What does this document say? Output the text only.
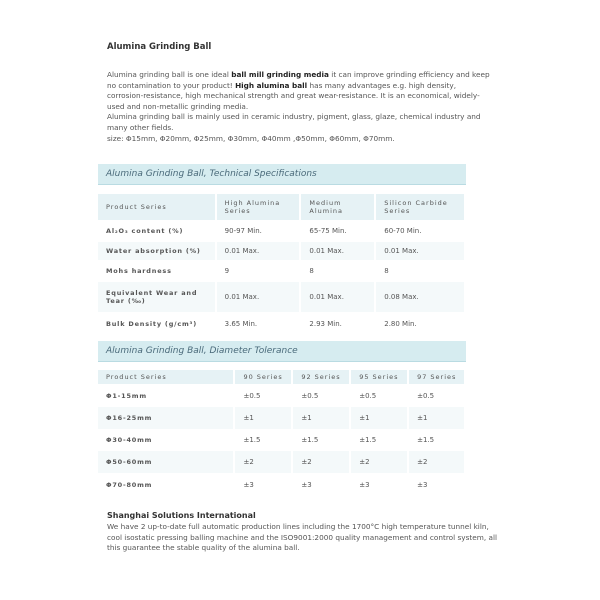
Alumina Grinding Ball

Alumina grinding ball is one ideal ball mill grinding media it can improve grinding efficiency and keep no contamination to your product! High alumina ball has many advantages e.g. high density, corrosion-resistance, high mechanical strength and great wear-resistance. It is an economical, widely-used and non-metallic grinding media.

Alumina grinding ball is mainly used in ceramic industry, pigment, glass, glaze, chemical industry and many other fields.

size: Φ15mm, Φ20mm, Φ25mm, Φ30mm, Φ40mm ,Φ50mm, Φ60mm, Φ70mm.

Alumina Grinding Ball, Technical Specifications
Product Series	High Alumina Series	Medium Alumina	Silicon Carbide Series
Al₂O₃ content (%)	90-97 Min.	65-75 Min.	60-70 Min.
Water absorption (%)	0.01 Max.	0.01 Max.	0.01 Max.
Mohs hardness	9	8	8
Equivalent Wear and Tear (‰)	0.01 Max.	0.01 Max.	0.08 Max.
Bulk Density (g/cm³)	3.65 Min.	2.93 Min.	2.80 Min.
Alumina Grinding Ball, Diameter Tolerance
Product Series	90 Series	92 Series	95 Series	97 Series
Φ1-15mm	±0.5	±0.5	±0.5	±0.5
Φ16-25mm	±1	±1	±1	±1
Φ30-40mm	±1.5	±1.5	±1.5	±1.5
Φ50-60mm	±2	±2	±2	±2
Φ70-80mm	±3	±3	±3	±3
Shanghai Solutions International
We have 2 up-to-date full automatic production lines including the 1700°C high temperature tunnel kiln, cool isostatic pressing balling machine and the ISO9001:2000 quality management and control system, all this guarantee the stable quality of the alumina ball.
